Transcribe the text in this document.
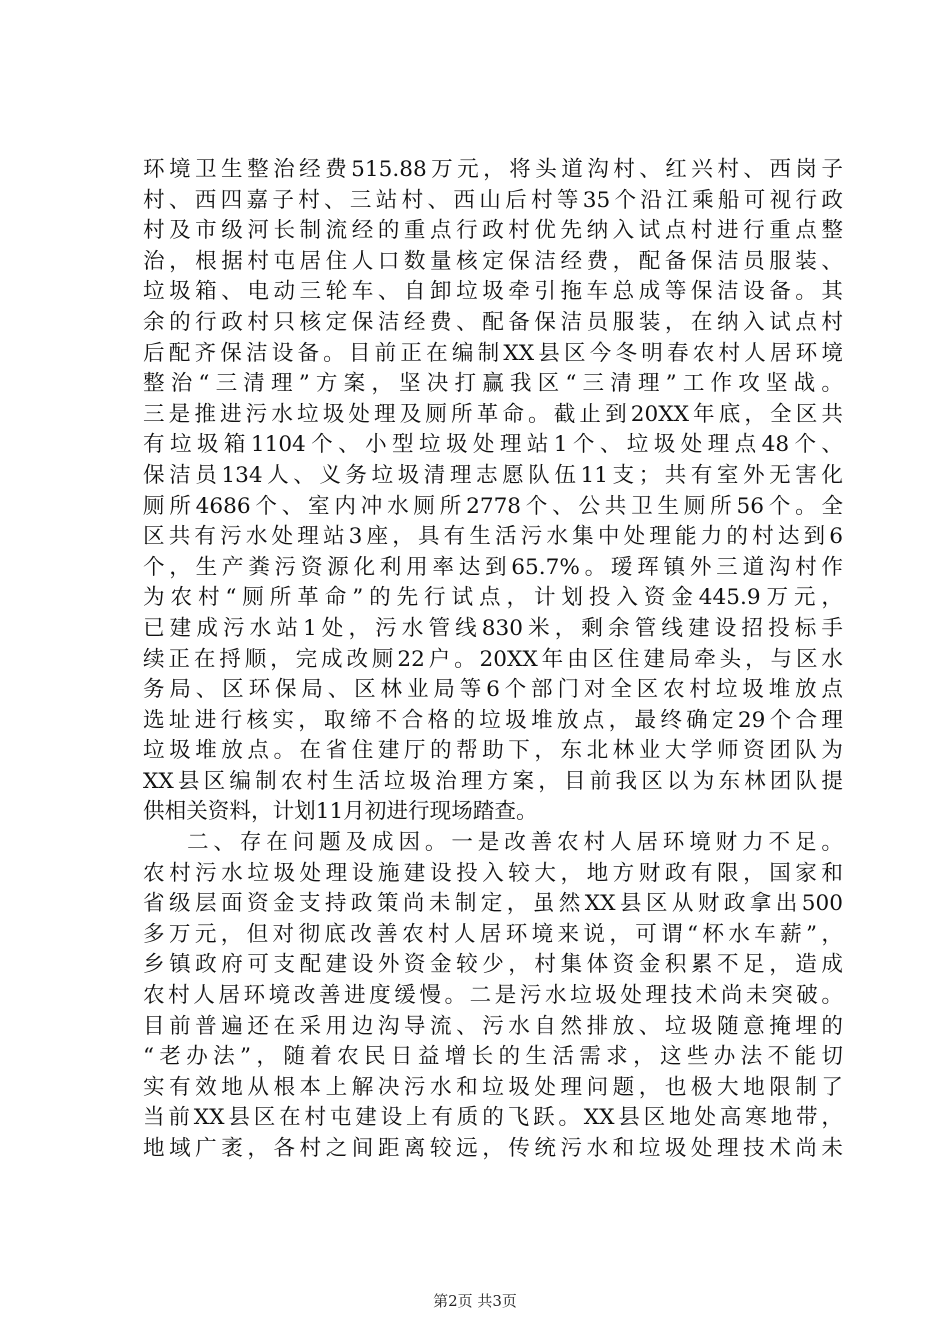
环境卫生整治经费515.88万元，将头道沟村、红兴村、西岗子
村、西四嘉子村、三站村、西山后村等35个沿江乘船可视行政
村及市级河长制流经的重点行政村优先纳入试点村进行重点整
治，根据村屯居住人口数量核定保洁经费，配备保洁员服装、
垃圾箱、电动三轮车、自卸垃圾牵引拖车总成等保洁设备。其
余的行政村只核定保洁经费、配备保洁员服装，在纳入试点村
后配齐保洁设备。目前正在编制XX县区今冬明春农村人居环境
整治“三清理”方案，坚决打赢我区“三清理”工作攻坚战。
三是推进污水垃圾处理及厕所革命。截止到20XX年底，全区共
有垃圾箱1104个、小型垃圾处理站1个、垃圾处理点48个、
保洁员134人、义务垃圾清理志愿队伍11支；共有室外无害化
厕所4686个、室内冲水厕所2778个、公共卫生厕所56个。全
区共有污水处理站3座，具有生活污水集中处理能力的村达到6
个，生产粪污资源化利用率达到65.7%。瑷珲镇外三道沟村作
为农村“厕所革命”的先行试点，计划投入资金445.9万元，
已建成污水站1处，污水管线830米，剩余管线建设招投标手
续正在捋顺，完成改厕22户。20XX年由区住建局牵头，与区水
务局、区环保局、区林业局等6个部门对全区农村垃圾堆放点
选址进行核实，取缔不合格的垃圾堆放点，最终确定29个合理
垃圾堆放点。在省住建厅的帮助下，东北林业大学师资团队为
XX县区编制农村生活垃圾治理方案，目前我区以为东林团队提
供相关资料，计划11月初进行现场踏查。
二、存在问题及成因。一是改善农村人居环境财力不足。
农村污水垃圾处理设施建设投入较大，地方财政有限，国家和
省级层面资金支持政策尚未制定，虽然XX县区从财政拿出500
多万元，但对彻底改善农村人居环境来说，可谓“杯水车薪”，
乡镇政府可支配建设外资金较少，村集体资金积累不足，造成
农村人居环境改善进度缓慢。二是污水垃圾处理技术尚未突破。
目前普遍还在采用边沟导流、污水自然排放、垃圾随意掩埋的
“老办法”，随着农民日益增长的生活需求，这些办法不能切
实有效地从根本上解决污水和垃圾处理问题，也极大地限制了
当前XX县区在村屯建设上有质的飞跃。XX县区地处高寒地带，
地域广袤，各村之间距离较远，传统污水和垃圾处理技术尚未
第2页 共3页
